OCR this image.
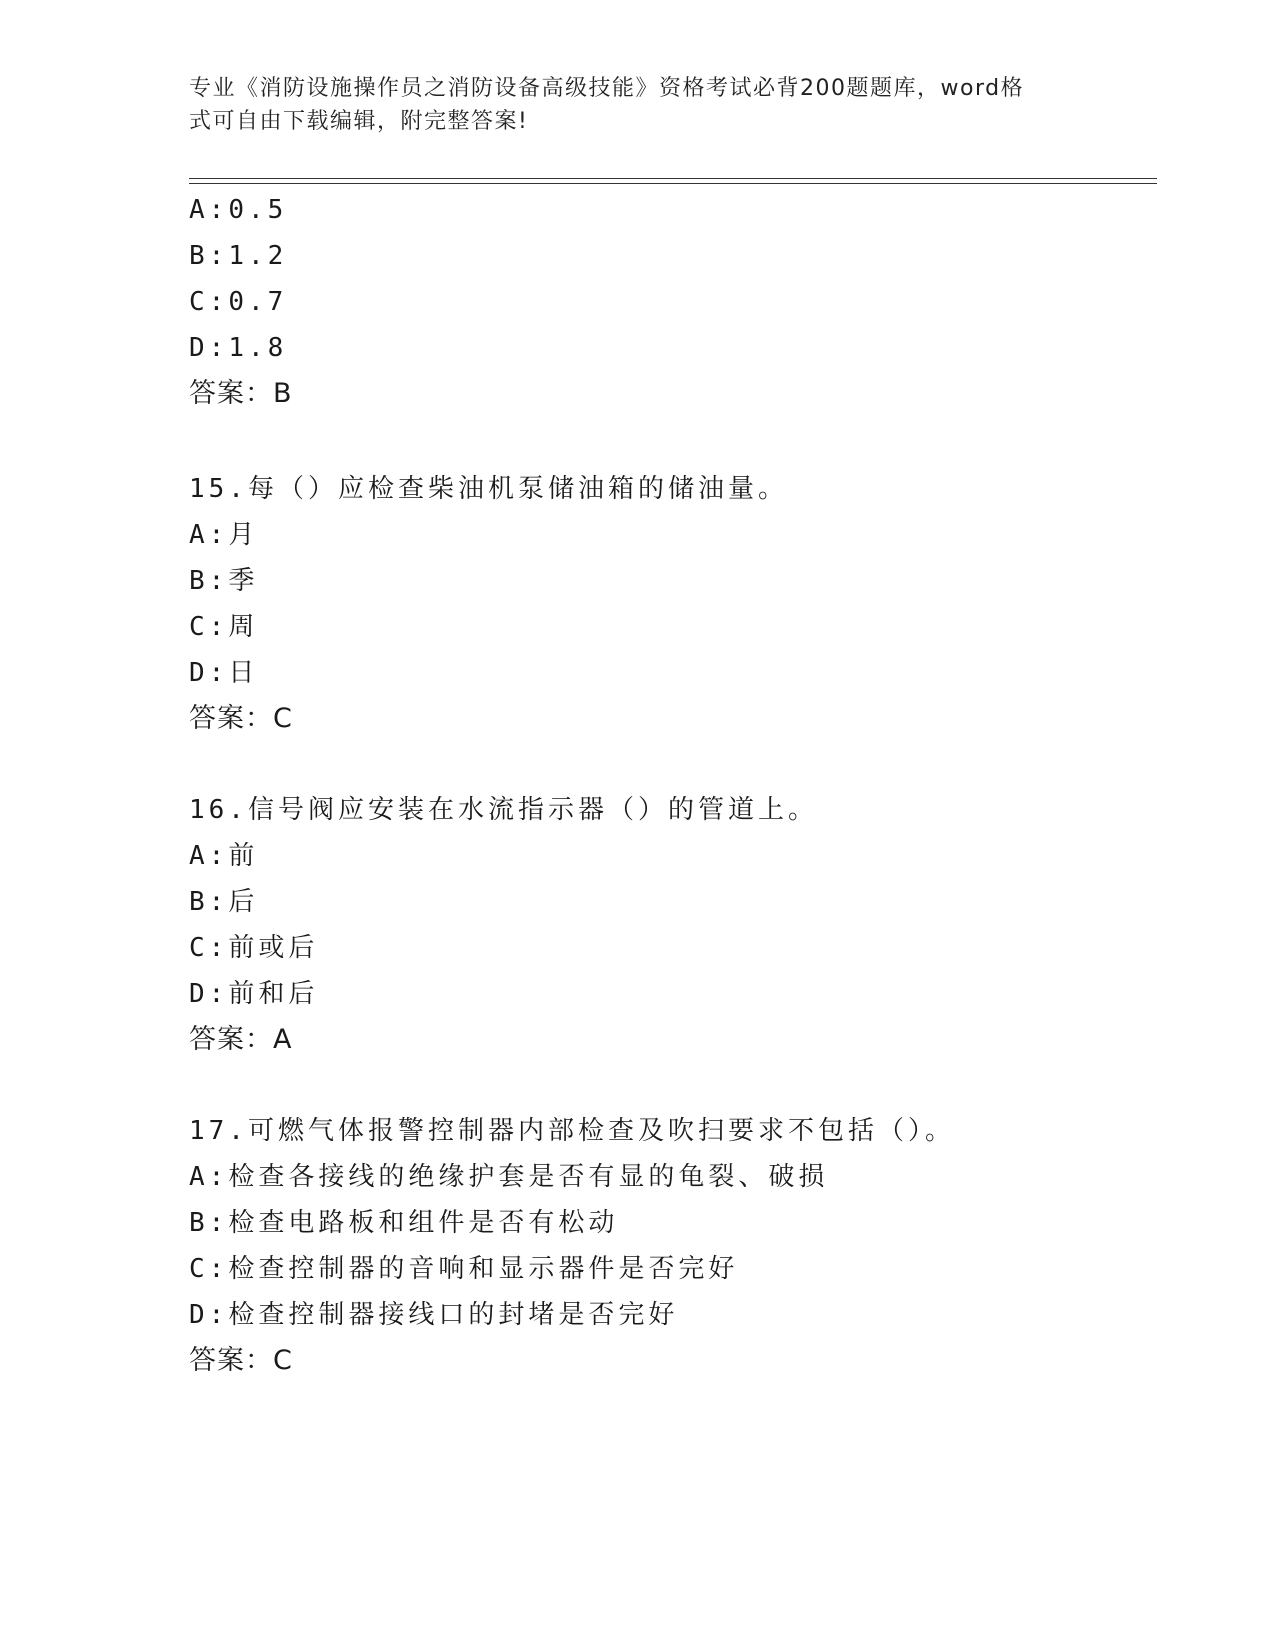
专业《消防设施操作员之消防设备高级技能》资格考试必背200题题库，word格
式可自由下载编辑，附完整答案!
A:0.5
B:1.2
C:0.7
D:1.8
答案：B
15.每（）应检查柴油机泵储油箱的储油量。
A:月
B:季
C:周
D:日
答案：C
16.信号阀应安装在水流指示器（）的管道上。
A:前
B:后
C:前或后
D:前和后
答案：A
17.可燃气体报警控制器内部检查及吹扫要求不包括（）。
A:检查各接线的绝缘护套是否有显的龟裂、破损
B:检查电路板和组件是否有松动
C:检查控制器的音响和显示器件是否完好
D:检查控制器接线口的封堵是否完好
答案：C
